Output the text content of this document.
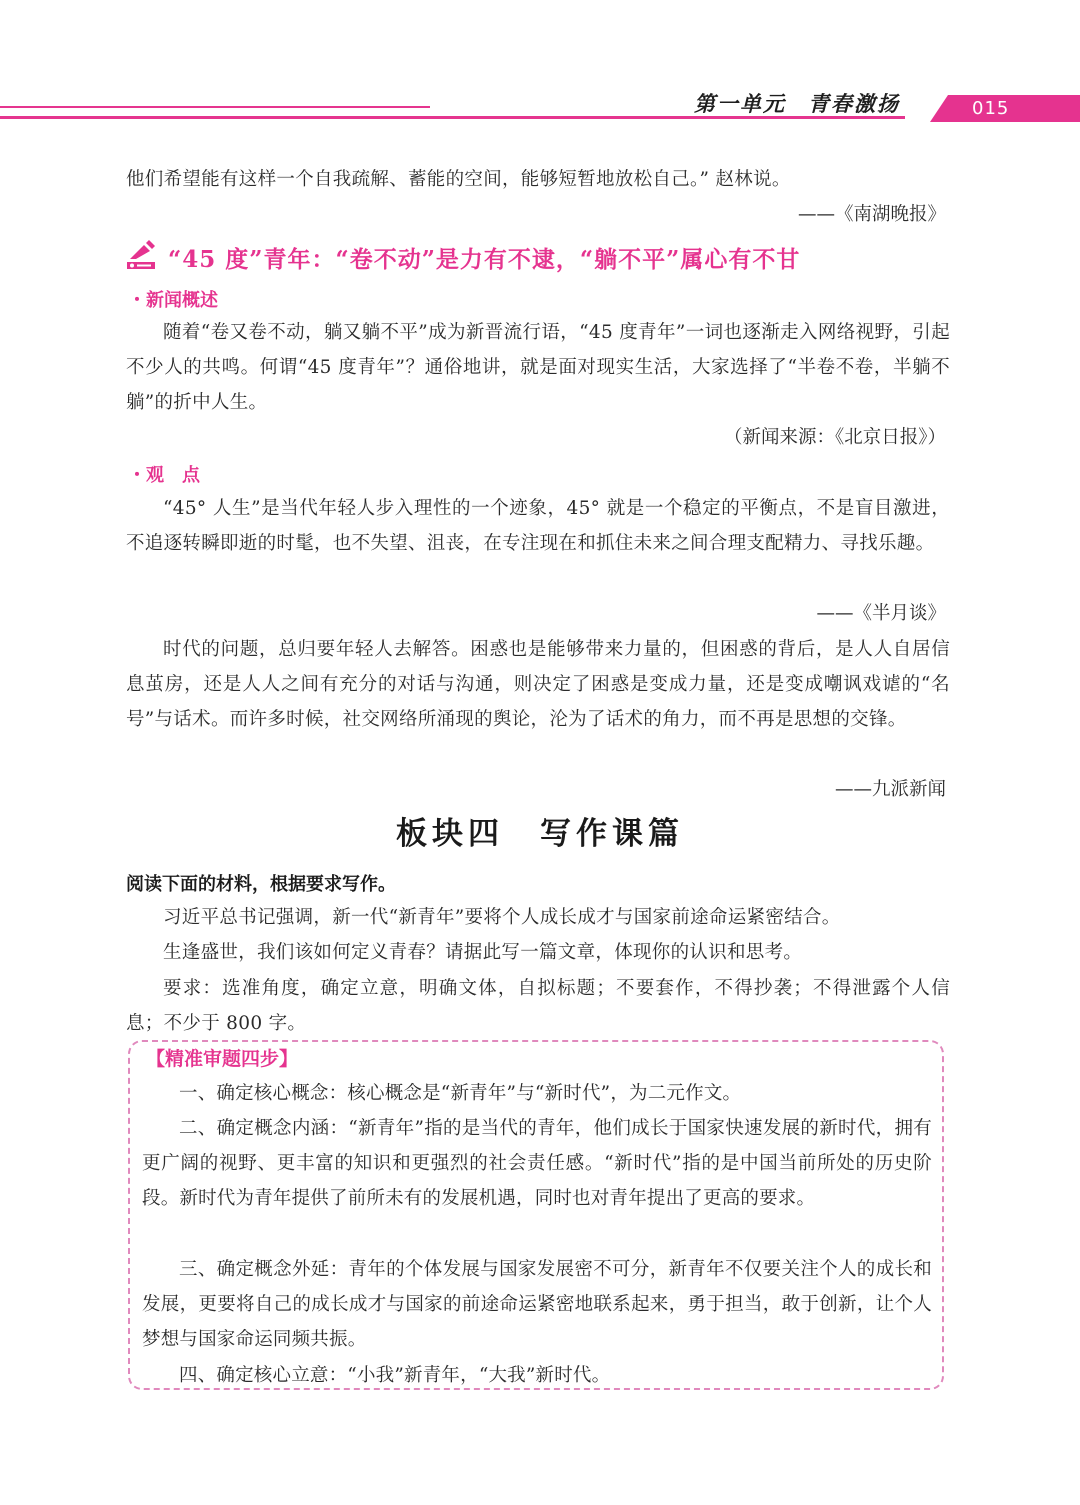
第一单元 青春激扬	015

他们希望能有这样一个自我疏解、蓄能的空间，能够短暂地放松自己。” 赵林说。

——《南湖晚报》
“45 度”青年：“卷不动”是力有不逮，“躺不平”属心有不甘
・新闻概述

随着“卷又卷不动，躺又躺不平”成为新晋流行语，“45 度青年”一词也逐渐走入网络视野，引起不少人的共鸣。何谓“45 度青年”？通俗地讲，就是面对现实生活，大家选择了“半卷不卷，半躺不躺”的折中人生。

（新闻来源：《北京日报》）
・观　点

“45° 人生”是当代年轻人步入理性的一个迹象，45° 就是一个稳定的平衡点，不是盲目激进，不追逐转瞬即逝的时髦，也不失望、沮丧，在专注现在和抓住未来之间合理支配精力、寻找乐趣。

——《半月谈》

时代的问题，总归要年轻人去解答。困惑也是能够带来力量的，但困惑的背后，是人人自居信息茧房，还是人人之间有充分的对话与沟通，则决定了困惑是变成力量，还是变成嘲讽戏谑的“名号”与话术。而许多时候，社交网络所涌现的舆论，沦为了话术的角力，而不再是思想的交锋。

——九派新闻
板块四　写作课篇
阅读下面的材料，根据要求写作。

习近平总书记强调，新一代“新青年”要将个人成长成才与国家前途命运紧密结合。

生逢盛世，我们该如何定义青春？请据此写一篇文章，体现你的认识和思考。

要求：选准角度，确定立意，明确文体，自拟标题；不要套作，不得抄袭；不得泄露个人信息；不少于 800 字。

【精准审题四步】

一、确定核心概念：核心概念是“新青年”与“新时代”，为二元作文。

二、确定概念内涵：“新青年”指的是当代的青年，他们成长于国家快速发展的新时代，拥有更广阔的视野、更丰富的知识和更强烈的社会责任感。“新时代”指的是中国当前所处的历史阶段。新时代为青年提供了前所未有的发展机遇，同时也对青年提出了更高的要求。

三、确定概念外延：青年的个体发展与国家发展密不可分，新青年不仅要关注个人的成长和发展，更要将自己的成长成才与国家的前途命运紧密地联系起来，勇于担当，敢于创新，让个人梦想与国家命运同频共振。

四、确定核心立意：“小我”新青年，“大我”新时代。
